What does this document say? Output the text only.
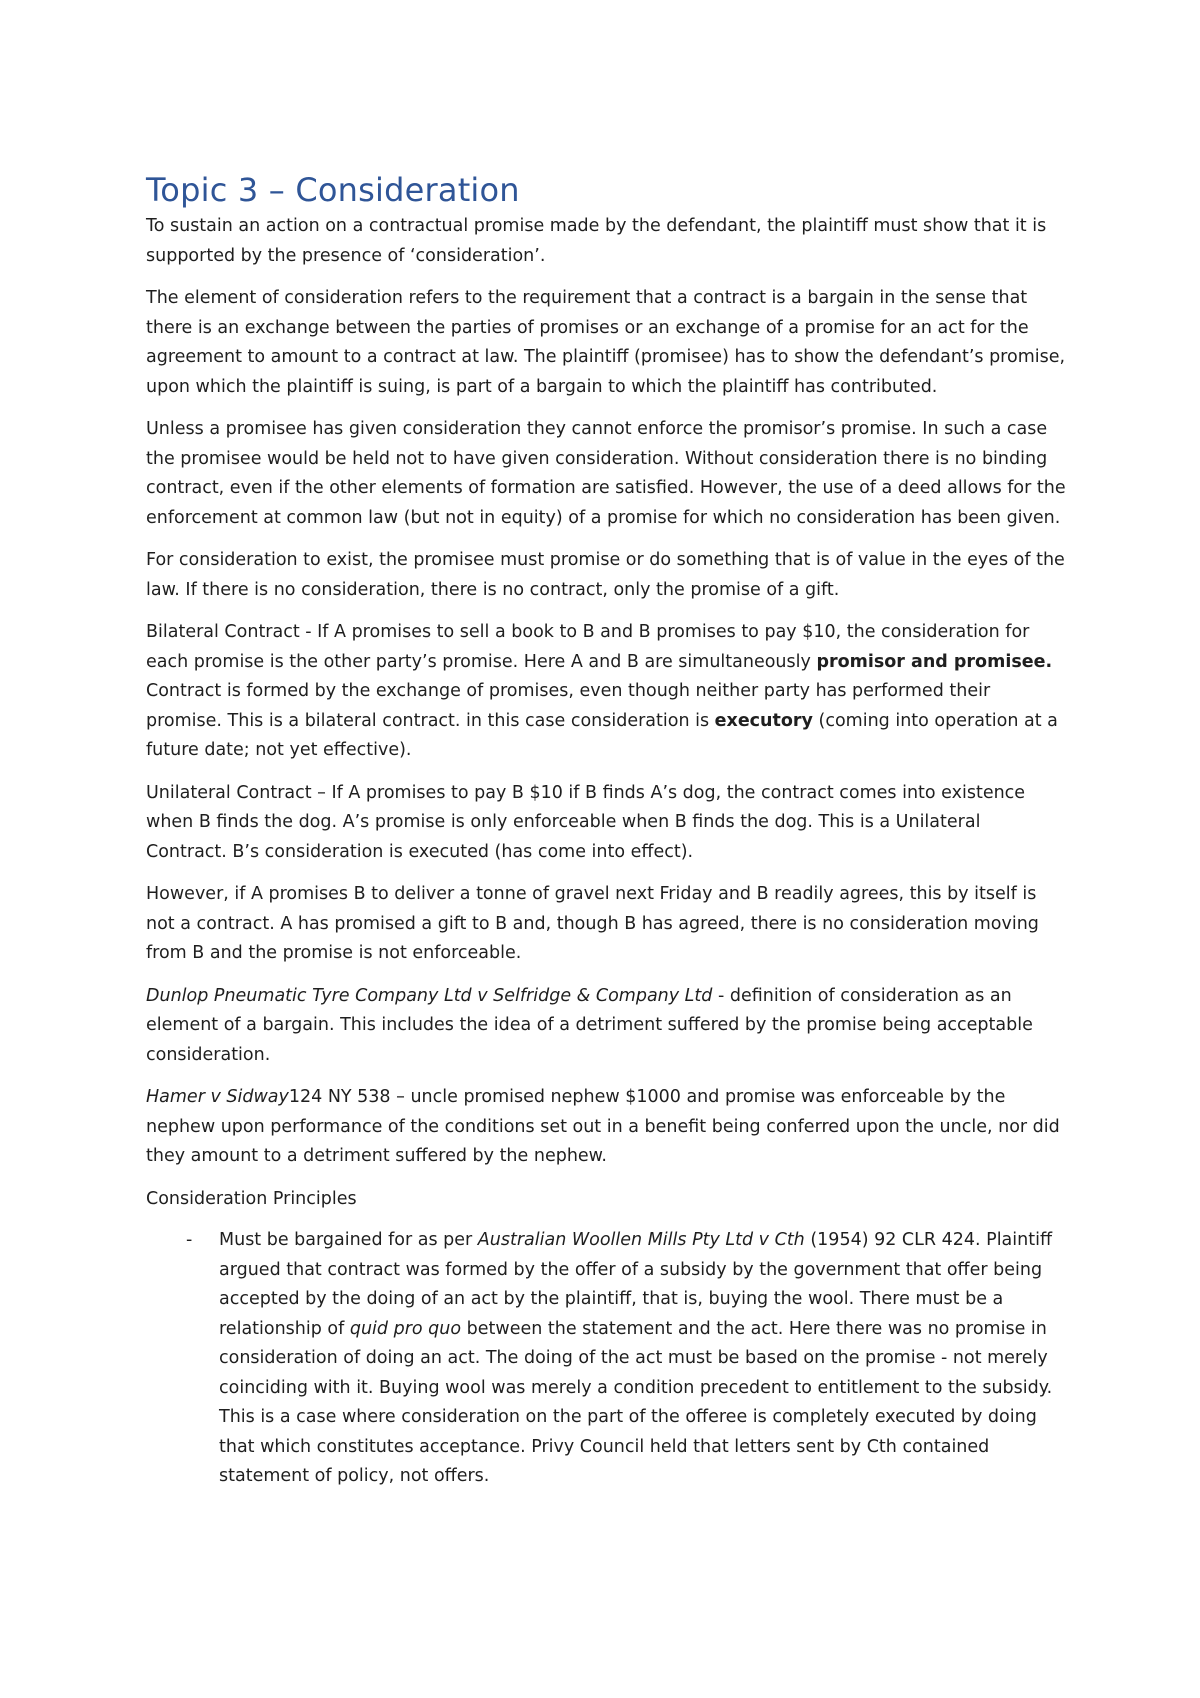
Topic 3 – Consideration

To sustain an action on a contractual promise made by the defendant, the plaintiff must show that it is supported by the presence of ‘consideration’.

The element of consideration refers to the requirement that a contract is a bargain in the sense that there is an exchange between the parties of promises or an exchange of a promise for an act for the agreement to amount to a contract at law. The plaintiff (promisee) has to show the defendant’s promise, upon which the plaintiff is suing, is part of a bargain to which the plaintiff has contributed.

Unless a promisee has given consideration they cannot enforce the promisor’s promise. In such a case the promisee would be held not to have given consideration. Without consideration there is no binding contract, even if the other elements of formation are satisfied. However, the use of a deed allows for the enforcement at common law (but not in equity) of a promise for which no consideration has been given.

For consideration to exist, the promisee must promise or do something that is of value in the eyes of the law. If there is no consideration, there is no contract, only the promise of a gift.

Bilateral Contract - If A promises to sell a book to B and B promises to pay $10, the consideration for each promise is the other party’s promise. Here A and B are simultaneously promisor and promisee. Contract is formed by the exchange of promises, even though neither party has performed their promise. This is a bilateral contract. in this case consideration is executory (coming into operation at a future date; not yet effective).

Unilateral Contract – If A promises to pay B $10 if B finds A’s dog, the contract comes into existence when B finds the dog. A’s promise is only enforceable when B finds the dog. This is a Unilateral Contract. B’s consideration is executed (has come into effect).

However, if A promises B to deliver a tonne of gravel next Friday and B readily agrees, this by itself is not a contract. A has promised a gift to B and, though B has agreed, there is no consideration moving from B and the promise is not enforceable.

Dunlop Pneumatic Tyre Company Ltd v Selfridge & Company Ltd - definition of consideration as an element of a bargain. This includes the idea of a detriment suffered by the promise being acceptable consideration.

Hamer v Sidway124 NY 538 – uncle promised nephew $1000 and promise was enforceable by the nephew upon performance of the conditions set out in a benefit being conferred upon the uncle, nor did they amount to a detriment suffered by the nephew.

Consideration Principles

- Must be bargained for as per Australian Woollen Mills Pty Ltd v Cth (1954) 92 CLR 424. Plaintiff argued that contract was formed by the offer of a subsidy by the government that offer being accepted by the doing of an act by the plaintiff, that is, buying the wool. There must be a relationship of quid pro quo between the statement and the act. Here there was no promise in consideration of doing an act. The doing of the act must be based on the promise - not merely coinciding with it. Buying wool was merely a condition precedent to entitlement to the subsidy. This is a case where consideration on the part of the offeree is completely executed by doing that which constitutes acceptance. Privy Council held that letters sent by Cth contained statement of policy, not offers.
